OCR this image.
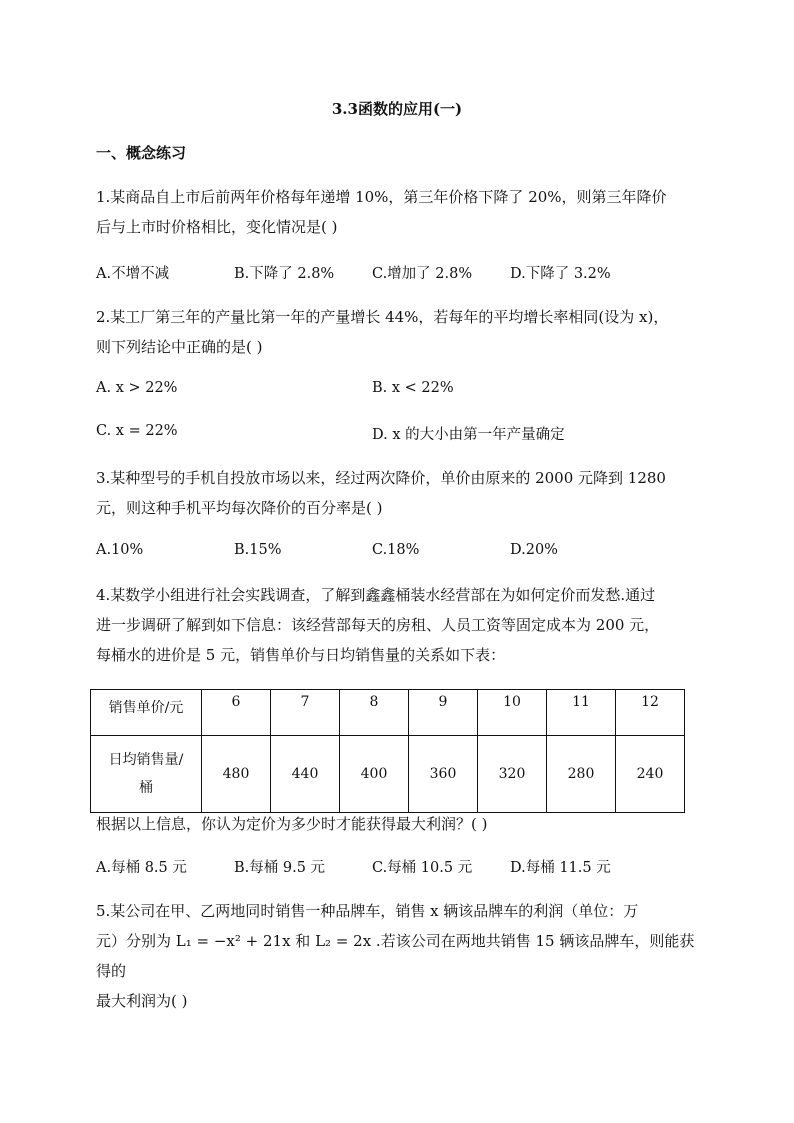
3.3函数的应用(一)
一、概念练习
1.某商品自上市后前两年价格每年递增 10%，第三年价格下降了 20%，则第三年降价
后与上市时价格相比，变化情况是( )
A.不增不减	B.下降了 2.8%	C.增加了 2.8%	D.下降了 3.2%
2.某工厂第三年的产量比第一年的产量增长 44%，若每年的平均增长率相同(设为 x)，
则下列结论中正确的是( )
A. x > 22%	B. x < 22%
C. x = 22%	D. x 的大小由第一年产量确定
3.某种型号的手机自投放市场以来，经过两次降价，单价由原来的 2000 元降到 1280
元，则这种手机平均每次降价的百分率是( )
A.10%	B.15%	C.18%	D.20%
4.某数学小组进行社会实践调查，了解到鑫鑫桶装水经营部在为如何定价而发愁.通过
进一步调研了解到如下信息：该经营部每天的房租、人员工资等固定成本为 200 元，
每桶水的进价是 5 元，销售单价与日均销售量的关系如下表：
销售单价/元	6	7	8	9	10	11	12

日均销售量/
桶	480	440	400	360	320	280	240
根据以上信息，你认为定价为多少时才能获得最大利润？( )
A.每桶 8.5 元	B.每桶 9.5 元	C.每桶 10.5 元	D.每桶 11.5 元
5.某公司在甲、乙两地同时销售一种品牌车，销售 x 辆该品牌车的利润（单位：万
元）分别为 L₁ = −x² + 21x 和 L₂ = 2x .若该公司在两地共销售 15 辆该品牌车，则能获得的
最大利润为( )
